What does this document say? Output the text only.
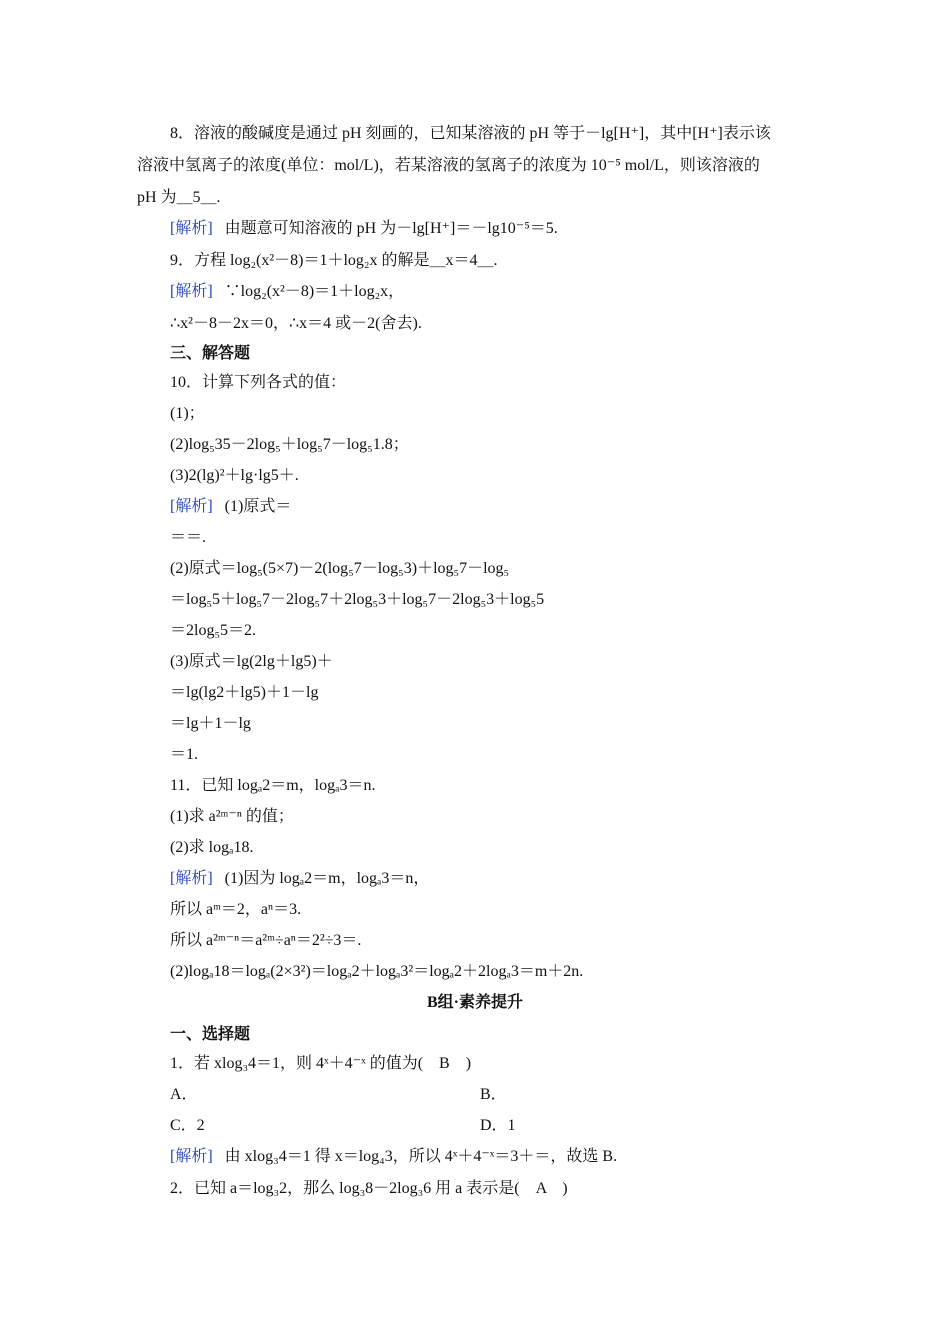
8．溶液的酸碱度是通过 pH 刻画的，已知某溶液的 pH 等于－lg[H⁺]，其中[H⁺]表示该
溶液中氢离子的浓度(单位：mol/L)，若某溶液的氢离子的浓度为 10⁻⁵ mol/L，则该溶液的
pH 为＿5＿.
[解析] 由题意可知溶液的 pH 为－lg[H⁺]＝－lg10⁻⁵＝5.
9．方程 log₂(x²－8)＝1＋log₂x 的解是＿x＝4＿.
[解析] ∵log₂(x²－8)＝1＋log₂x，
∴x²－8－2x＝0，∴x＝4 或－2(舍去).
三、解答题
10．计算下列各式的值：
(1)；
(2)log₅35－2log₅＋log₅7－log₅1.8；
(3)2(lg)²＋lg·lg5＋.
[解析] (1)原式＝
＝＝.
(2)原式＝log₅(5×7)－2(log₅7－log₅3)＋log₅7－log₅
＝log₅5＋log₅7－2log₅7＋2log₅3＋log₅7－2log₅3＋log₅5
＝2log₅5＝2.
(3)原式＝lg(2lg＋lg5)＋
＝lg(lg2＋lg5)＋1－lg
＝lg＋1－lg
＝1.
11．已知 logₐ2＝m，logₐ3＝n.
(1)求 a²ᵐ⁻ⁿ 的值；
(2)求 logₐ18.
[解析] (1)因为 logₐ2＝m，logₐ3＝n，
所以 aᵐ＝2，aⁿ＝3.
所以 a²ᵐ⁻ⁿ＝a²ᵐ÷aⁿ＝2²÷3＝.
(2)logₐ18＝logₐ(2×3²)＝logₐ2＋logₐ3²＝logₐ2＋2logₐ3＝m＋2n.
B组·素养提升
一、选择题
1．若 xlog₃4＝1，则 4ˣ＋4⁻ˣ 的值为(　B　)
A．	B．
C．2	D．1
[解析] 由 xlog₃4＝1 得 x＝log₄3，所以 4ˣ＋4⁻ˣ＝3＋＝，故选 B.
2．已知 a＝log₃2，那么 log₃8－2log₃6 用 a 表示是(　A　)
